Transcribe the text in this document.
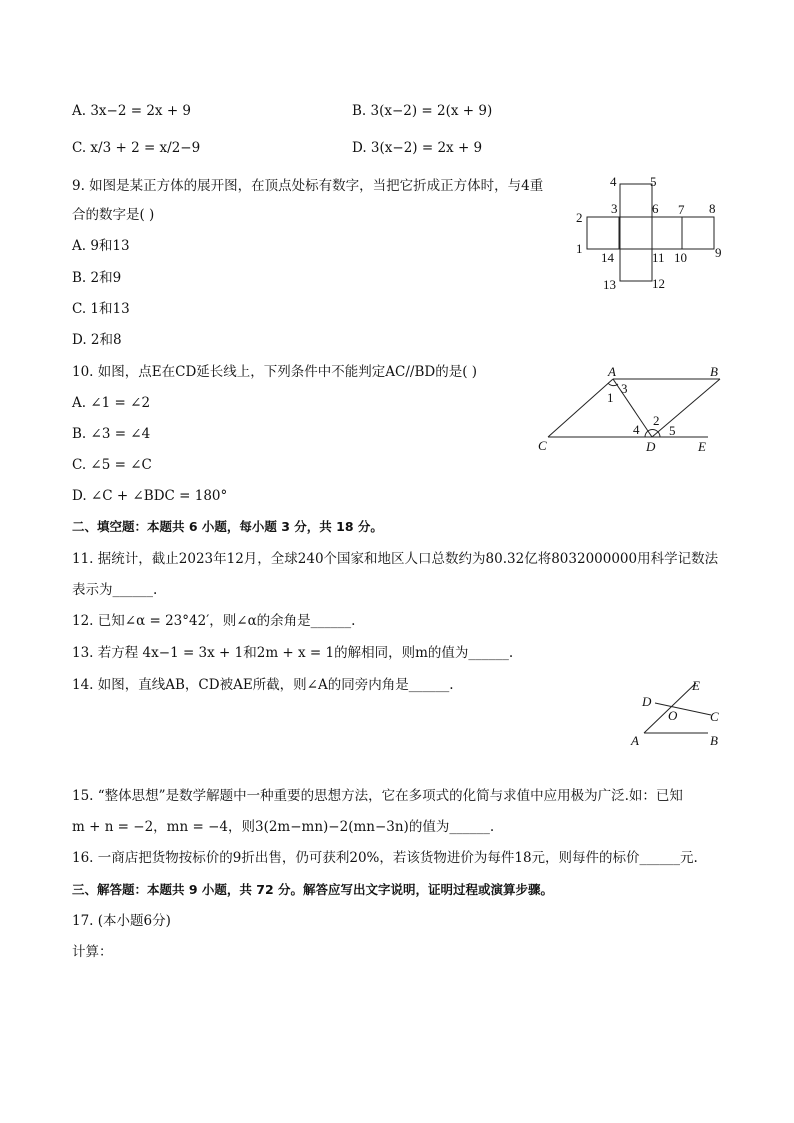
A. 3x−2 = 2x + 9	B. 3(x−2) = 2(x + 9)
C. x/3 + 2 = x/2−9	D. 3(x−2) = 2x + 9
9. 如图是某正方体的展开图，在顶点处标有数字，当把它折成正方体时，与4重
合的数字是( )
A. 9和13
B. 2和9
C. 1和13
D. 2和8
4	5
2
3	6 7 8
1
14	11 10 9
13	12
10. 如图，点E在CD延长线上，下列条件中不能判定AC//BD的是( )
A. ∠1 = ∠2
B. ∠3 = ∠4
C. ∠5 = ∠C
D. ∠C + ∠BDC = 180°
A	B
C	D	E
3
1
2
4 5
二、填空题：本题共 6 小题，每小题 3 分，共 18 分。
11. 据统计，截止2023年12月，全球240个国家和地区人口总数约为80.32亿将8032000000用科学记数法
表示为______.
12. 已知∠α = 23°42′，则∠α的余角是______.
13. 若方程 4x−1 = 3x + 1和2m + x = 1的解相同，则m的值为______.
14. 如图，直线AB，CD被AE所截，则∠A的同旁内角是______.	E
D
O	C
A	B
15. “整体思想”是数学解题中一种重要的思想方法，它在多项式的化简与求值中应用极为广泛.如：已知
m + n = −2，mn = −4，则3(2m−mn)−2(mn−3n)的值为______.
16. 一商店把货物按标价的9折出售，仍可获利20%，若该货物进价为每件18元，则每件的标价______元.
三、解答题：本题共 9 小题，共 72 分。解答应写出文字说明，证明过程或演算步骤。
17. (本小题6分)
计算：
